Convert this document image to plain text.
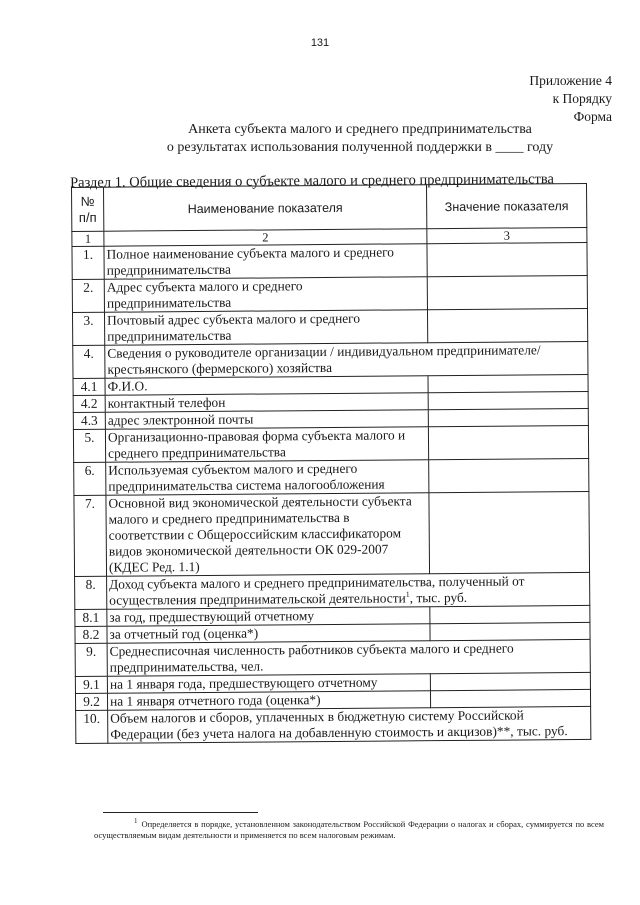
131
Приложение 4
к Порядку
Форма
Анкета субъекта малого и среднего предпринимательства
о результатах использования полученной поддержки в ____ году
Раздел 1. Общие сведения о субъекте малого и среднего предпринимательства
№ п/п	Наименование показателя	Значение показателя
1	2	3
1.	Полное наименование субъекта малого и среднего предпринимательства	
2.	Адрес субъекта малого и среднего предпринимательства	
3.	Почтовый адрес субъекта малого и среднего предпринимательства	
4.	Сведения о руководителе организации / индивидуальном предпринимателе/ крестьянского (фермерского) хозяйства	
4.1	Ф.И.О.	
4.2	контактный телефон	
4.3	адрес электронной почты	
5.	Организационно-правовая форма субъекта малого и среднего предпринимательства	
6.	Используемая субъектом малого и среднего предпринимательства система налогообложения	
7.	Основной вид экономической деятельности субъекта малого и среднего предпринимательства в соответствии с Общероссийским классификатором видов экономической деятельности ОК 029-2007 (КДЕС Ред. 1.1)	
8.	Доход субъекта малого и среднего предпринимательства, полученный от осуществления предпринимательской деятельности$^1$, тыс. руб.	
8.1	за год, предшествующий отчетному	
8.2	за отчетный год (оценка*)	
9.	Среднесписочная численность работников субъекта малого и среднего предпринимательства, чел.	
9.1	на 1 января года, предшествующего отчетному	
9.2	на 1 января отчетного года (оценка*)	
10.	Объем налогов и сборов, уплаченных в бюджетную систему Российской Федерации (без учета налога на добавленную стоимость и акцизов)**, тыс. руб.	
$^1$ Определяется в порядке, установленном законодательством Российской Федерации о налогах и сборах, суммируется по всем осуществляемым видам деятельности и применяется по всем налоговым режимам.
